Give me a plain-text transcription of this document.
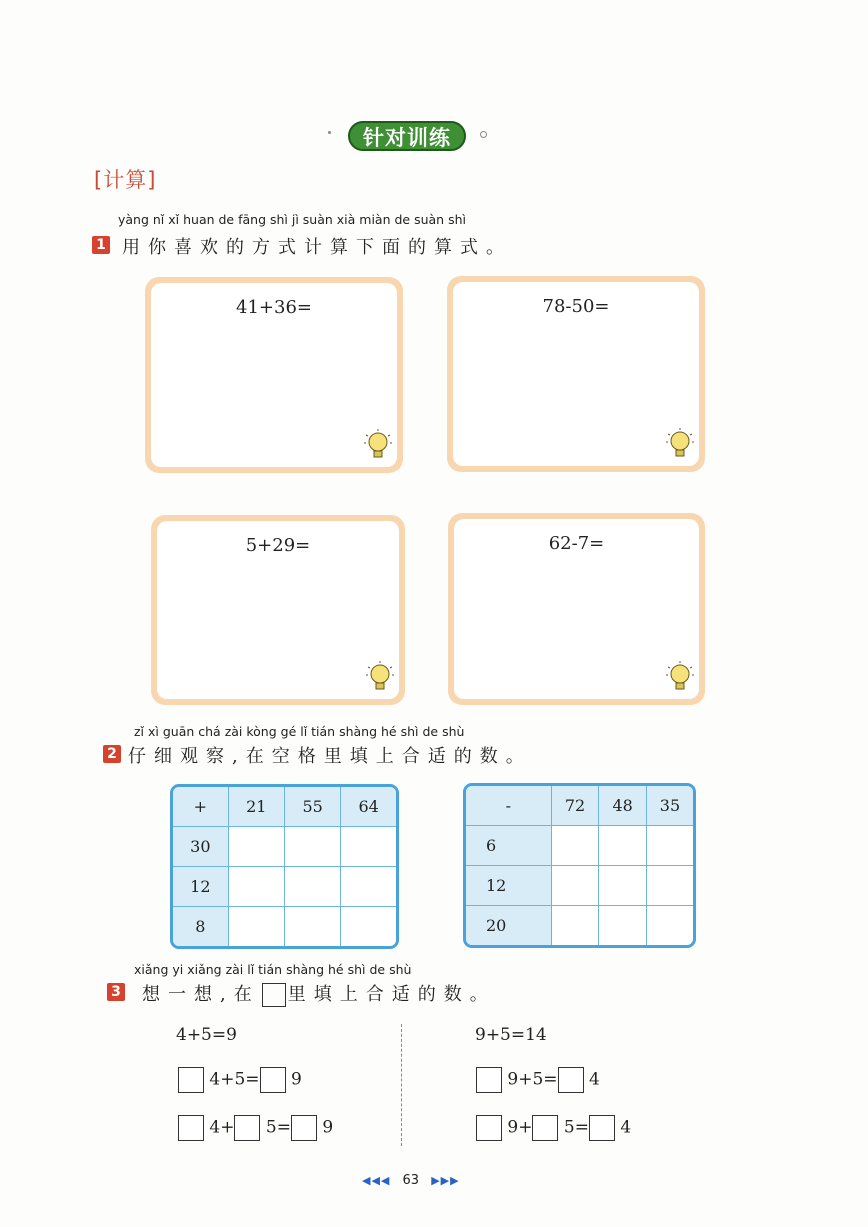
针对训练
[计算]
yàng nǐ xǐ huan de fāng shì jì suàn xià miàn de suàn shì
1 用你喜欢的方式计算下面的算式。
41+36=	78-50=
5+29=	62-7=
zǐ xì guān chá zài kòng gé lǐ tián shàng hé shì de shù
2 仔细观察,在空格里填上合适的数。
+	21	55	64
30			
12			
8			
-	72	48	35
6			
12			
20			
xiǎng yi xiǎng zài lǐ tián shàng hé shì de shù
3 想一想,在 里填上合适的数。
4+5=9
4+5= 9
4+ 5= 9
9+5=14
9+5= 4
9+ 5= 4
◀◀◀ 63 ▶▶▶
